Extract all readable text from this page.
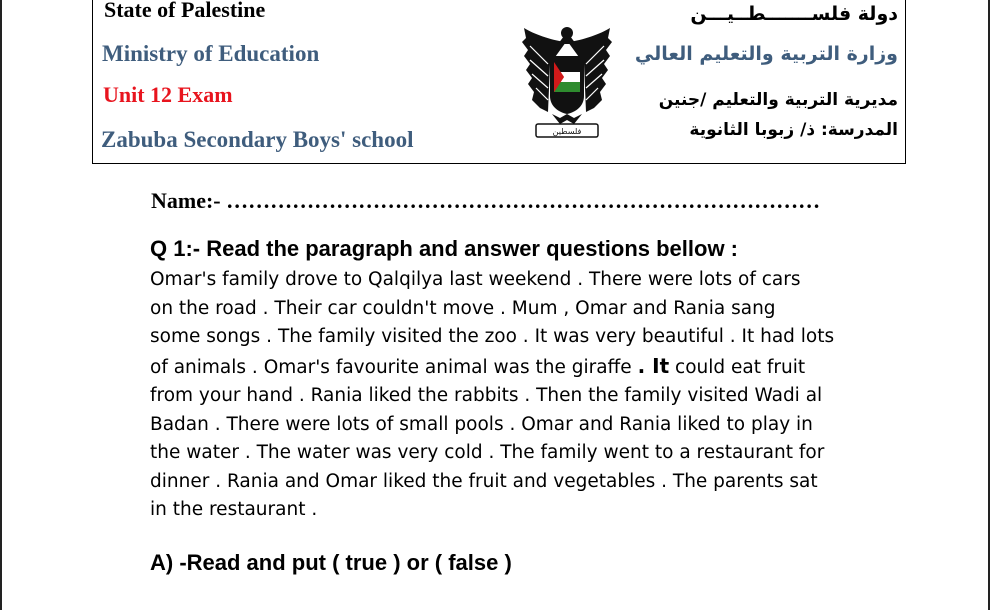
State of Palestine
Ministry of Education
Unit 12 Exam
Zabuba Secondary Boys' school
دولة فلســـــــطــيـــن
وزارة التربية والتعليم العالي
مديرية التربية والتعليم /جنين
المدرسة: ذ/ زبوبا الثانوية
فلسطين
Name:- ………………………………………………………………………
Q 1:- Read the paragraph and answer questions bellow :
Omar's family drove to Qalqilya last weekend . There were lots of cars
on the road . Their car couldn't move . Mum , Omar and Rania sang
some songs . The family visited the zoo . It was very beautiful . It had lots
of animals . Omar's favourite animal was the giraffe . It could eat fruit
from your hand . Rania liked the rabbits . Then the family visited Wadi al
Badan . There were lots of small pools . Omar and Rania liked to play in
the water . The water was very cold . The family went to a restaurant for
dinner . Rania and Omar liked the fruit and vegetables . The parents sat
in the restaurant .
A) -Read and put ( true ) or ( false )
